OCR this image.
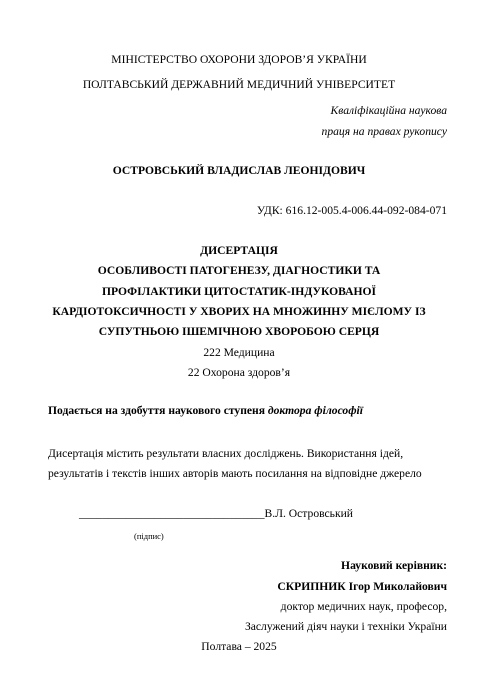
МІНІСТЕРСТВО ОХОРОНИ ЗДОРОВ’Я УКРАЇНИ
ПОЛТАВСЬКИЙ ДЕРЖАВНИЙ МЕДИЧНИЙ УНІВЕРСИТЕТ
Кваліфікаційна наукова
праця на правах рукопису
ОСТРОВСЬКИЙ ВЛАДИСЛАВ ЛЕОНІДОВИЧ
УДК: 616.12-005.4-006.44-092-084-071
ДИСЕРТАЦІЯ
ОСОБЛИВОСТІ ПАТОГЕНЕЗУ, ДІАГНОСТИКИ ТА
ПРОФІЛАКТИКИ ЦИТОСТАТИК-ІНДУКОВАНОЇ
КАРДІОТОКСИЧНОСТІ У ХВОРИХ НА МНОЖИННУ МІЄЛОМУ ІЗ
СУПУТНЬОЮ ІШЕМІЧНОЮ ХВОРОБОЮ СЕРЦЯ
222 Медицина
22 Охорона здоров’я
Подається на здобуття наукового ступеня доктора філософії
Дисертація містить результати власних досліджень. Використання ідей,
результатів і текстів інших авторів мають посилання на відповідне джерело
________________________________В.Л. Островський
(підпис)
Науковий керівник:
СКРИПНИК Ігор Миколайович
доктор медичних наук, професор,
Заслужений діяч науки і техніки України
Полтава – 2025
